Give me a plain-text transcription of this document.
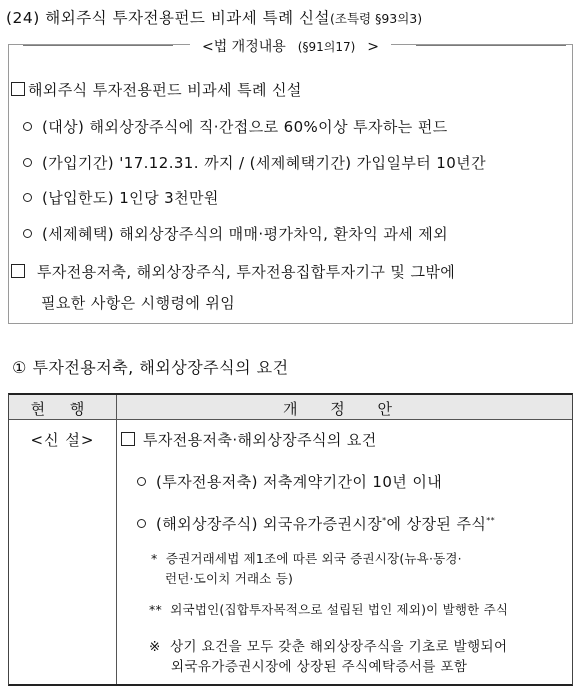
(24) 해외주식 투자전용펀드 비과세 특례 신설(조특령 §93의3)
<법 개정내용 (§91의17) >
해외주식 투자전용펀드 비과세 특례 신설
(대상) 해외상장주식에 직·간접으로 60%이상 투자하는 펀드
(가입기간) '17.12.31. 까지 / (세제혜택기간) 가입일부터 10년간
(납입한도) 1인당 3천만원
(세제혜택) 해외상장주식의 매매·평가차익, 환차익 과세 제외
투자전용저축, 해외상장주식, 투자전용집합투자기구 및 그밖에
필요한 사항은 시행령에 위임
① 투자전용저축, 해외상장주식의 요건
현 행	개 정 안
<신 설>	투자전용저축·해외상장주식의 요건
(투자전용저축) 저축계약기간이 10년 이내
(해외상장주식) 외국유가증권시장*에 상장된 주식**
* 증권거래세법 제1조에 따른 외국 증권시장(뉴욕·동경·
런던·도이치 거래소 등)
** 외국법인(집합투자목적으로 설립된 법인 제외)이 발행한 주식
※ 상기 요건을 모두 갖춘 해외상장주식을 기초로 발행되어
외국유가증권시장에 상장된 주식예탁증서를 포함
